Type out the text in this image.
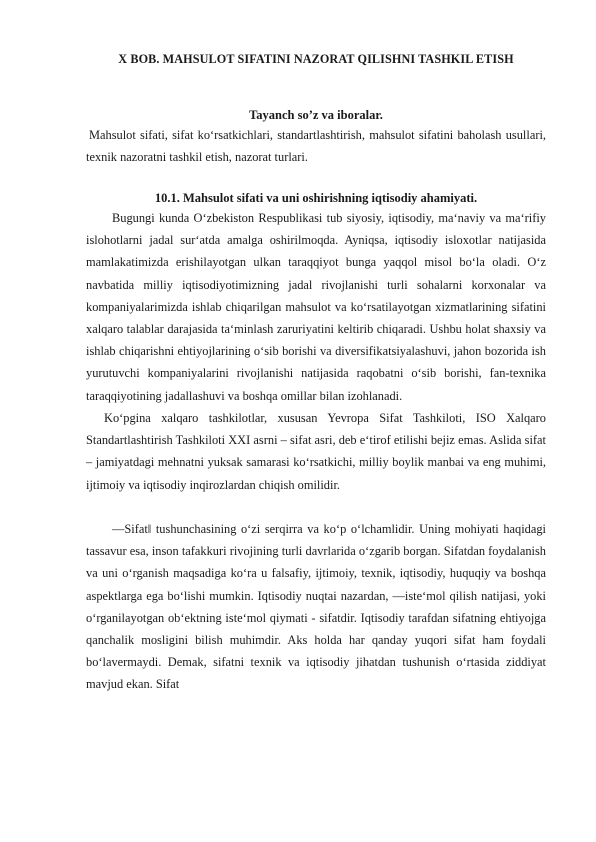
X BOB. MAHSULOT SIFATINI NAZORAT QILISHNI TASHKIL ETISH
Tayanch so’z va iboralar.

Mahsulot sifati, sifat ko‘rsatkichlari, standartlashtirish, mahsulot sifatini baholash usullari, texnik nazoratni tashkil etish, nazorat turlari.

10.1. Mahsulot sifati va uni oshirishning iqtisodiy ahamiyati.

Bugungi kunda O‘zbekiston Respublikasi tub siyosiy, iqtisodiy, ma‘naviy va ma‘rifiy islohotlarni jadal sur‘atda amalga oshirilmoqda. Ayniqsa, iqtisodiy isloxotlar natijasida mamlakatimizda erishilayotgan ulkan taraqqiyot bunga yaqqol misol bo‘la oladi. O‘z navbatida milliy iqtisodiyotimizning jadal rivojlanishi turli sohalarni korxonalar va kompaniyalarimizda ishlab chiqarilgan mahsulot va ko‘rsatilayotgan xizmatlarining sifatini xalqaro talablar darajasida ta‘minlash zaruriyatini keltirib chiqaradi. Ushbu holat shaxsiy va ishlab chiqarishni ehtiyojlarining o‘sib borishi va diversifikatsiyalashuvi, jahon bozorida ish yurutuvchi kompaniyalarini rivojlanishi natijasida raqobatni o‘sib borishi, fan-texnika taraqqiyotining jadallashuvi va boshqa omillar bilan izohlanadi.

Ko‘pgina xalqaro tashkilotlar, xususan Yevropa Sifat Tashkiloti, ISO Xalqaro Standartlashtirish Tashkiloti XXI asrni – sifat asri, deb e‘tirof etilishi bejiz emas. Aslida sifat – jamiyatdagi mehnatni yuksak samarasi ko‘rsatkichi, milliy boylik manbai va eng muhimi, ijtimoiy va iqtisodiy inqirozlardan chiqish omilidir.

―Sifat‖ tushunchasining o‘zi serqirra va ko‘p o‘lchamlidir. Uning mohiyati haqidagi tassavur esa, inson tafakkuri rivojining turli davrlarida o‘zgarib borgan. Sifatdan foydalanish va uni o‘rganish maqsadiga ko‘ra u falsafiy, ijtimoiy, texnik, iqtisodiy, huquqiy va boshqa aspektlarga ega bo‘lishi mumkin. Iqtisodiy nuqtai nazardan, ―iste‘mol qilish natijasi, yoki o‘rganilayotgan ob‘ektning iste‘mol qiymati - sifatdir. Iqtisodiy tarafdan sifatning ehtiyojga qanchalik mosligini bilish muhimdir. Aks holda har qanday yuqori sifat ham foydali bo‘lavermaydi. Demak, sifatni texnik va iqtisodiy jihatdan tushunish o‘rtasida ziddiyat mavjud ekan. Sifat
